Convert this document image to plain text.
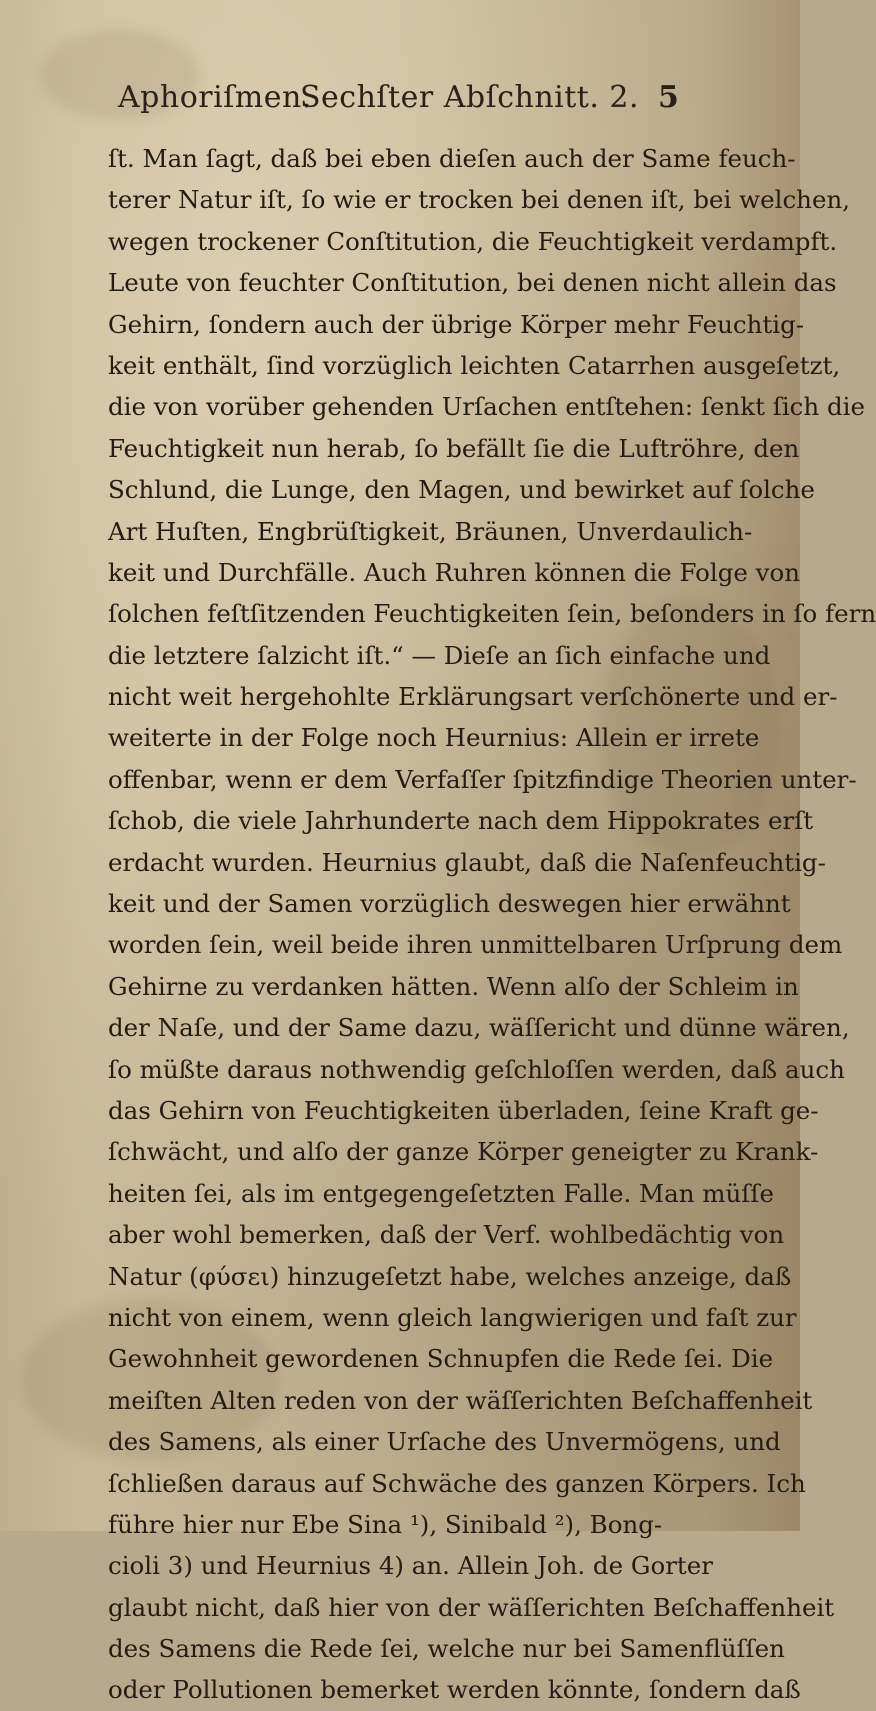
Aphoriſmen.
Sechſter Abſchnitt. 2. 5
ſt. Man ſagt, daß bei eben dieſen auch der Same feuch-
terer Natur iſt, ſo wie er trocken bei denen iſt, bei welchen,
wegen trockener Conſtitution, die Feuchtigkeit verdampft.
Leute von feuchter Conſtitution, bei denen nicht allein das
Gehirn, ſondern auch der übrige Körper mehr Feuchtig-
keit enthält, ſind vorzüglich leichten Catarrhen ausgeſetzt,
die von vorüber gehenden Urſachen entſtehen: ſenkt ſich die
Feuchtigkeit nun herab, ſo befällt ſie die Luftröhre, den
Schlund, die Lunge, den Magen, und bewirket auf ſolche
Art Huſten, Engbrüſtigkeit, Bräunen, Unverdaulich-
keit und Durchfälle. Auch Ruhren können die Folge von
ſolchen feſtſitzenden Feuchtigkeiten ſein, beſonders in ſo fern
die letztere ſalzicht iſt.“ — Dieſe an ſich einfache und
nicht weit hergehohlte Erklärungsart verſchönerte und er-
weiterte in der Folge noch Heurnius: Allein er irrete
offenbar, wenn er dem Verfaſſer ſpitzfindige Theorien unter-
ſchob, die viele Jahrhunderte nach dem Hippokrates erſt
erdacht wurden. Heurnius glaubt, daß die Naſenfeuchtig-
keit und der Samen vorzüglich deswegen hier erwähnt
worden ſein, weil beide ihren unmittelbaren Urſprung dem
Gehirne zu verdanken hätten. Wenn alſo der Schleim in
der Naſe, und der Same dazu, wäſſericht und dünne wären,
ſo müßte daraus nothwendig geſchloſſen werden, daß auch
das Gehirn von Feuchtigkeiten überladen, ſeine Kraft ge-
ſchwächt, und alſo der ganze Körper geneigter zu Krank-
heiten ſei, als im entgegengeſetzten Falle. Man müſſe
aber wohl bemerken, daß der Verf. wohlbedächtig von
Natur (φύσει) hinzugeſetzt habe, welches anzeige, daß
nicht von einem, wenn gleich langwierigen und faſt zur
Gewohnheit gewordenen Schnupfen die Rede ſei. Die
meiſten Alten reden von der wäſſerichten Beſchaffenheit
des Samens, als einer Urſache des Unvermögens, und
ſchließen daraus auf Schwäche des ganzen Körpers. Ich
führe hier nur Ebe Sina ¹), Sinibald ²), Bong-
cioli 3) und Heurnius 4) an. Allein Joh. de Gorter
glaubt nicht, daß hier von der wäſſerichten Beſchaffenheit
des Samens die Rede ſei, welche nur bei Samenflüſſen
oder Pollutionen bemerket werden könnte, ſondern daß
